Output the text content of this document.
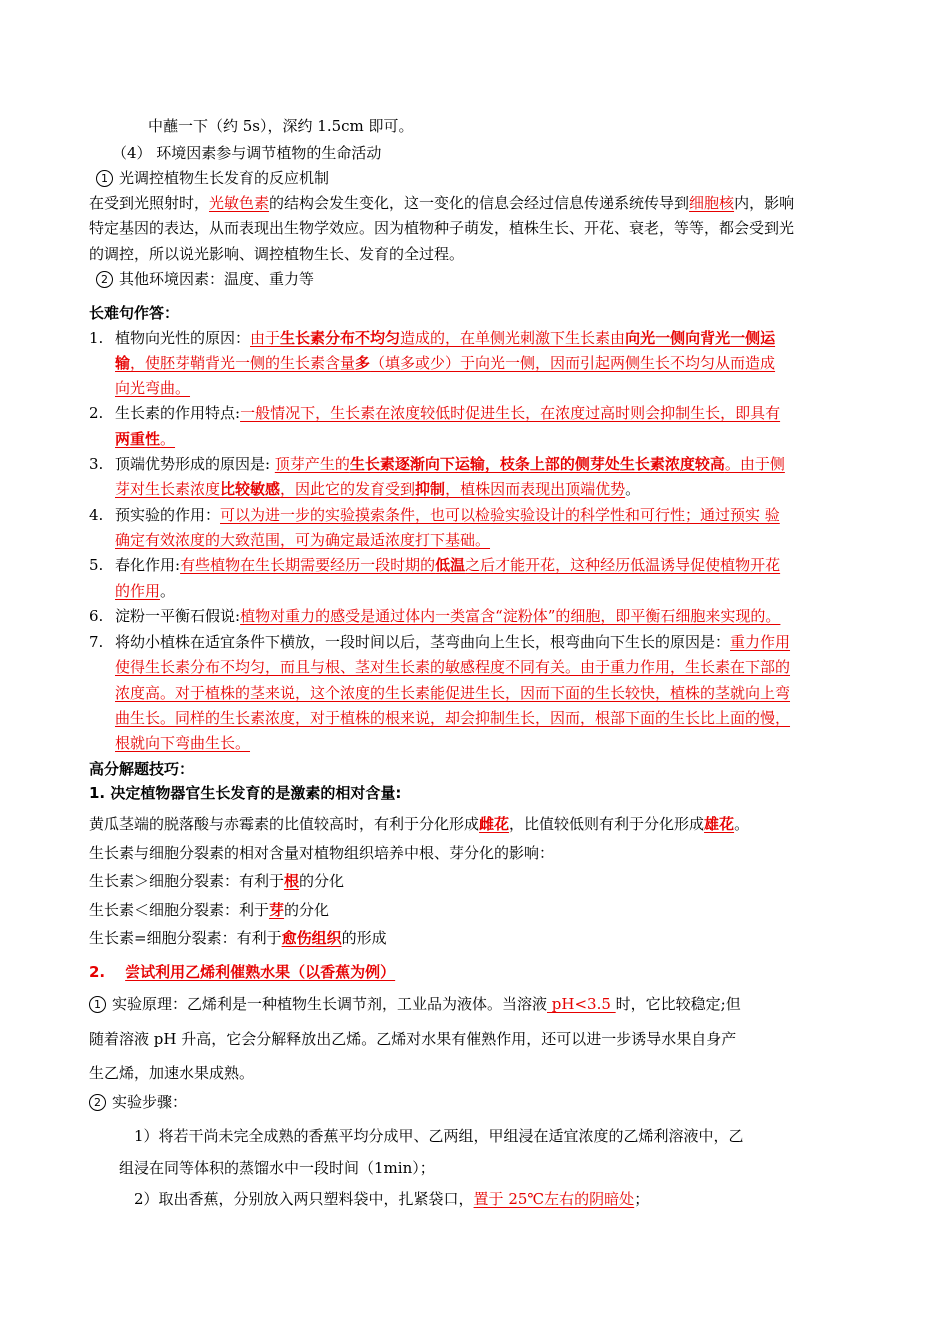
中蘸一下（约 5s），深约 1.5cm 即可。
（4） 环境因素参与调节植物的生命活动
1 光调控植物生长发育的反应机制
在受到光照射时，光敏色素的结构会发生变化，这一变化的信息会经过信息传递系统传导到细胞核内，影响
特定基因的表达，从而表现出生物学效应。因为植物种子萌发，植株生长、开花、衰老，等等，都会受到光
的调控，所以说光影响、调控植物生长、发育的全过程。
2 其他环境因素：温度、重力等
长难句作答：
1. 植物向光性的原因：由于生长素分布不均匀造成的，在单侧光刺激下生长素由向光一侧向背光一侧运
输，使胚芽鞘背光一侧的生长素含量多（填多或少）于向光一侧，因而引起两侧生长不均匀从而造成
向光弯曲。
2. 生长素的作用特点:一般情况下，生长素在浓度较低时促进生长，在浓度过高时则会抑制生长，即具有
两重性。
3. 顶端优势形成的原因是: 顶芽产生的生长素逐渐向下运输，枝条上部的侧芽处生长素浓度较高。由于侧
芽对生长素浓度比较敏感，因此它的发育受到抑制，植株因而表现出顶端优势。
4. 预实验的作用：可以为进一步的实验摸索条件，也可以检验实验设计的科学性和可行性；通过预实 验
确定有效浓度的大致范围，可为确定最适浓度打下基础。
5. 春化作用:有些植物在生长期需要经历一段时期的低温之后才能开花，这种经历低温诱导促使植物开花
的作用。
6. 淀粉一平衡石假说:植物对重力的感受是通过体内一类富含“淀粉体”的细胞，即平衡石细胞来实现的。
7. 将幼小植株在适宜条件下横放，一段时间以后，茎弯曲向上生长，根弯曲向下生长的原因是：重力作用
使得生长素分布不均匀，而且与根、茎对生长素的敏感程度不同有关。由于重力作用，生长素在下部的
浓度高。对于植株的茎来说，这个浓度的生长素能促进生长，因而下面的生长较快，植株的茎就向上弯
曲生长。同样的生长素浓度，对于植株的根来说，却会抑制生长，因而，根部下面的生长比上面的慢，
根就向下弯曲生长。
高分解题技巧：
1. 决定植物器官生长发育的是激素的相对含量:
黄瓜茎端的脱落酸与赤霉素的比值较高时，有利于分化形成雌花，比值较低则有利于分化形成雄花。
生长素与细胞分裂素的相对含量对植物组织培养中根、芽分化的影响：
生长素＞细胞分裂素：有利于根的分化
生长素＜细胞分裂素：利于芽的分化
生长素=细胞分裂素：有利于愈伤组织的形成
2. 尝试利用乙烯利催熟水果（以香蕉为例）
1 实验原理：乙烯利是一种植物生长调节剂，工业品为液体。当溶液 pH<3.5 时，它比较稳定;但
随着溶液 pH 升高，它会分解释放出乙烯。乙烯对水果有催熟作用，还可以进一步诱导水果自身产
生乙烯，加速水果成熟。
2 实验步骤：
1）将若干尚未完全成熟的香蕉平均分成甲、乙两组，甲组浸在适宜浓度的乙烯利溶液中，乙
组浸在同等体积的蒸馏水中一段时间（1min）；
2）取出香蕉，分别放入两只塑料袋中，扎紧袋口，置于 25℃左右的阴暗处；
